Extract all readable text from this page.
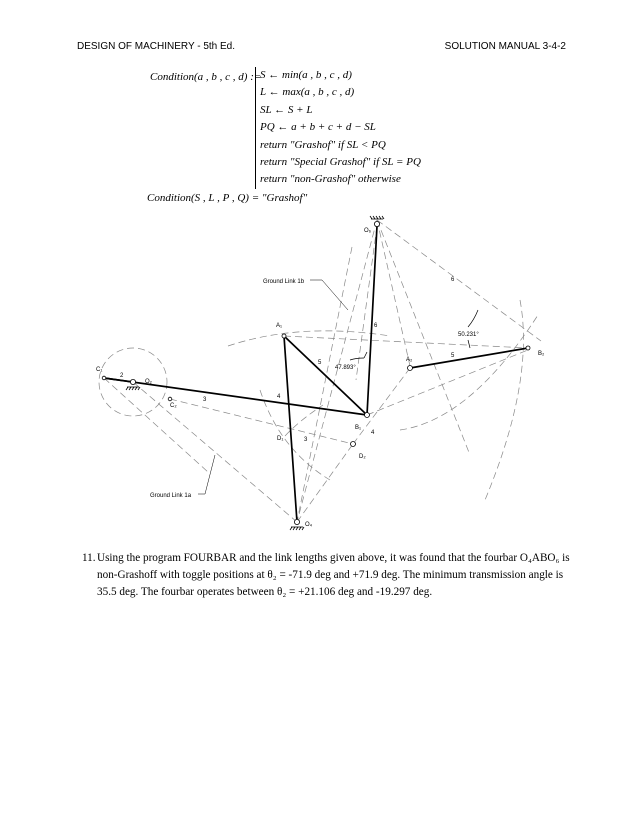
DESIGN OF MACHINERY - 5th Ed.	SOLUTION MANUAL 3-4-2
Condition(a , b , c , d) :=
S ← min(a , b , c , d)
L ← max(a , b , c , d)
SL ← S + L
PQ ← a + b + c + d − SL
return "Grashof" if SL < PQ
return "Special Grashof" if SL = PQ
return "non-Grashof" otherwise
Condition(S , L , P , Q) = "Grashof"
O₆
O₄
O₂
A₁
A₂
B₁
B₂
C₁
C₂
D₁
D₂
Ground Link 1b
Ground Link 1a
50.231°
47.893°
2
3
3
4
4
5
5
6
6
11. Using the program FOURBAR and the link lengths given above, it was found that the fourbar O₄ABO₆ is non-Grashoff with toggle positions at θ₂ = -71.9 deg and +71.9 deg. The minimum transmission angle is 35.5 deg. The fourbar operates between θ₂ = +21.106 deg and -19.297 deg.
